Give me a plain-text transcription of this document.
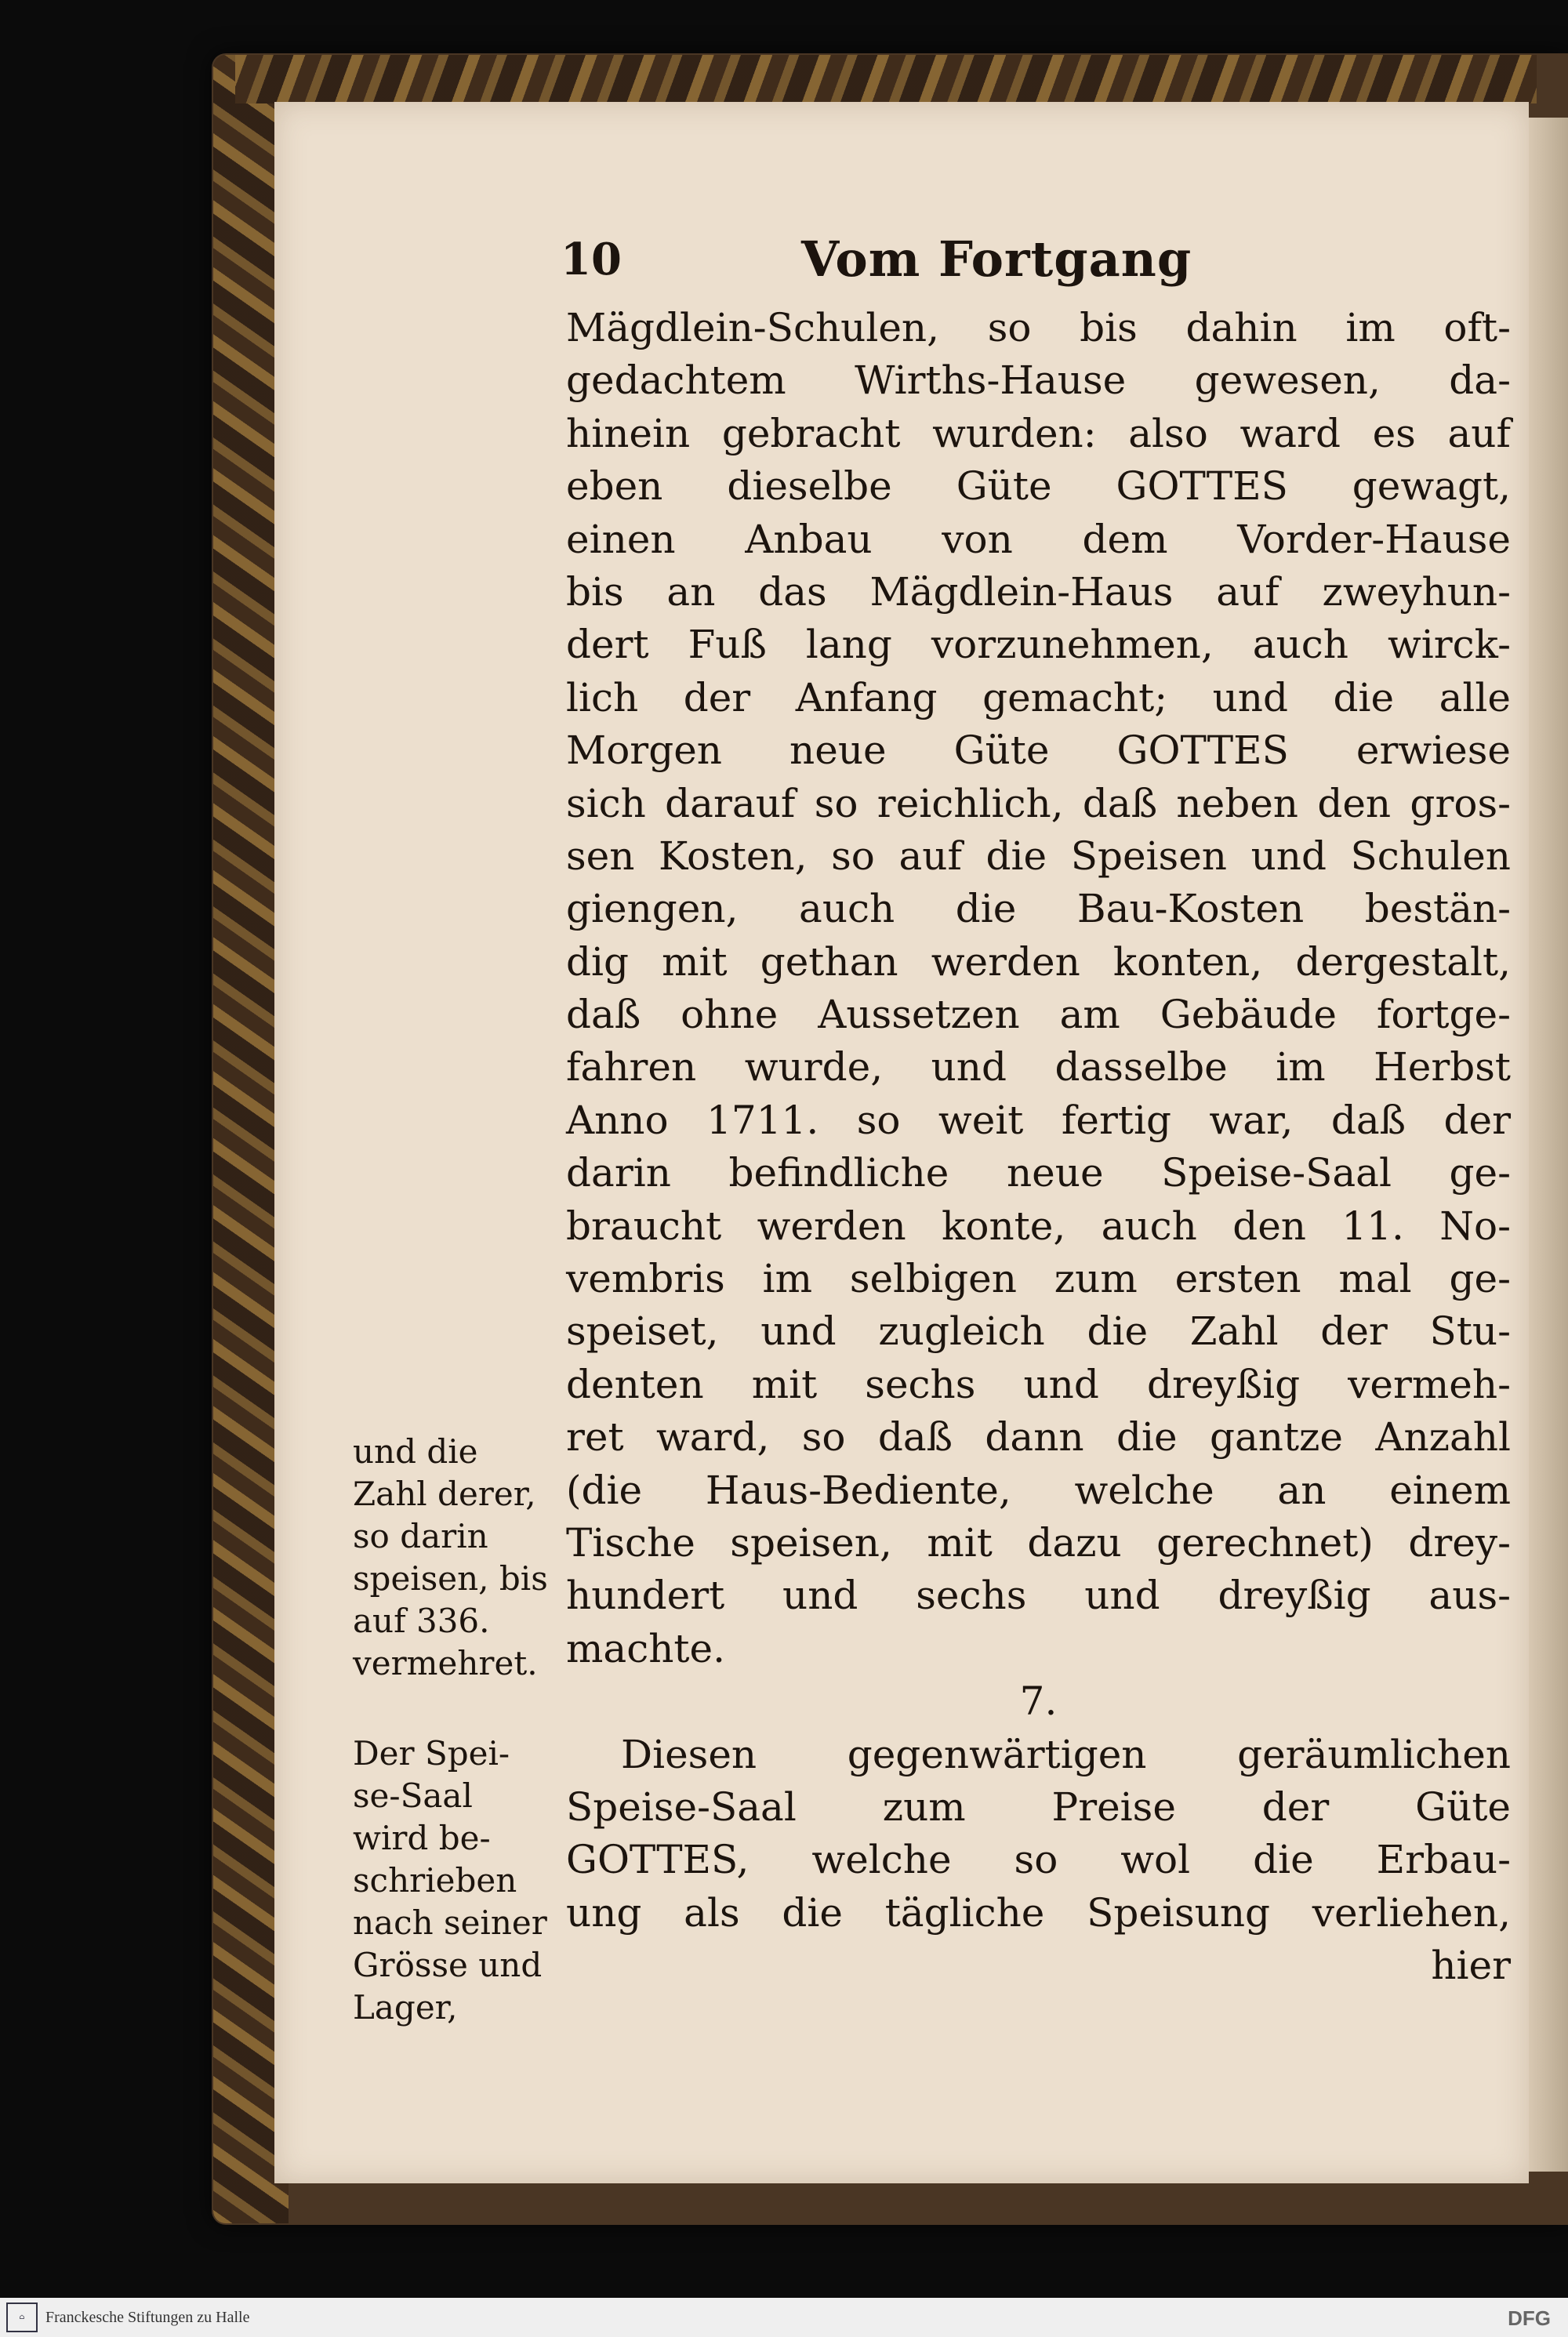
10	Vom Fortgang
Mägdlein-Schulen, so bis dahin im oft-
gedachtem Wirths-Hause gewesen, da-
hinein gebracht wurden: also ward es auf
eben dieselbe Güte GOTTES gewagt,
einen Anbau von dem Vorder-Hause
bis an das Mägdlein-Haus auf zweyhun-
dert Fuß lang vorzunehmen, auch wirck-
lich der Anfang gemacht; und die alle
Morgen neue Güte GOTTES erwiese
sich darauf so reichlich, daß neben den gros-
sen Kosten, so auf die Speisen und Schulen
giengen, auch die Bau-Kosten bestän-
dig mit gethan werden konten, dergestalt,
daß ohne Aussetzen am Gebäude fortge-
fahren wurde, und dasselbe im Herbst
Anno 1711. so weit fertig war, daß der
darin befindliche neue Speise-Saal ge-
braucht werden konte, auch den 11. No-
vembris im selbigen zum ersten mal ge-
speiset, und zugleich die Zahl der Stu-
denten mit sechs und dreyßig vermeh-
ret ward, so daß dann die gantze Anzahl
(die Haus-Bediente, welche an einem
Tische speisen, mit dazu gerechnet) drey-
hundert und sechs und dreyßig aus-
machte.
7.
Diesen gegenwärtigen geräumlichen
Speise-Saal zum Preise der Güte
GOTTES, welche so wol die Erbau-
ung als die tägliche Speisung verliehen,
hier
und die
Zahl derer,
so darin
speisen, bis
auf 336.
vermehret.
Der Spei-
se-Saal
wird be-
schrieben
nach seiner
Grösse und
Lager,
⌂	Franckesche Stiftungen zu Halle	DFG
